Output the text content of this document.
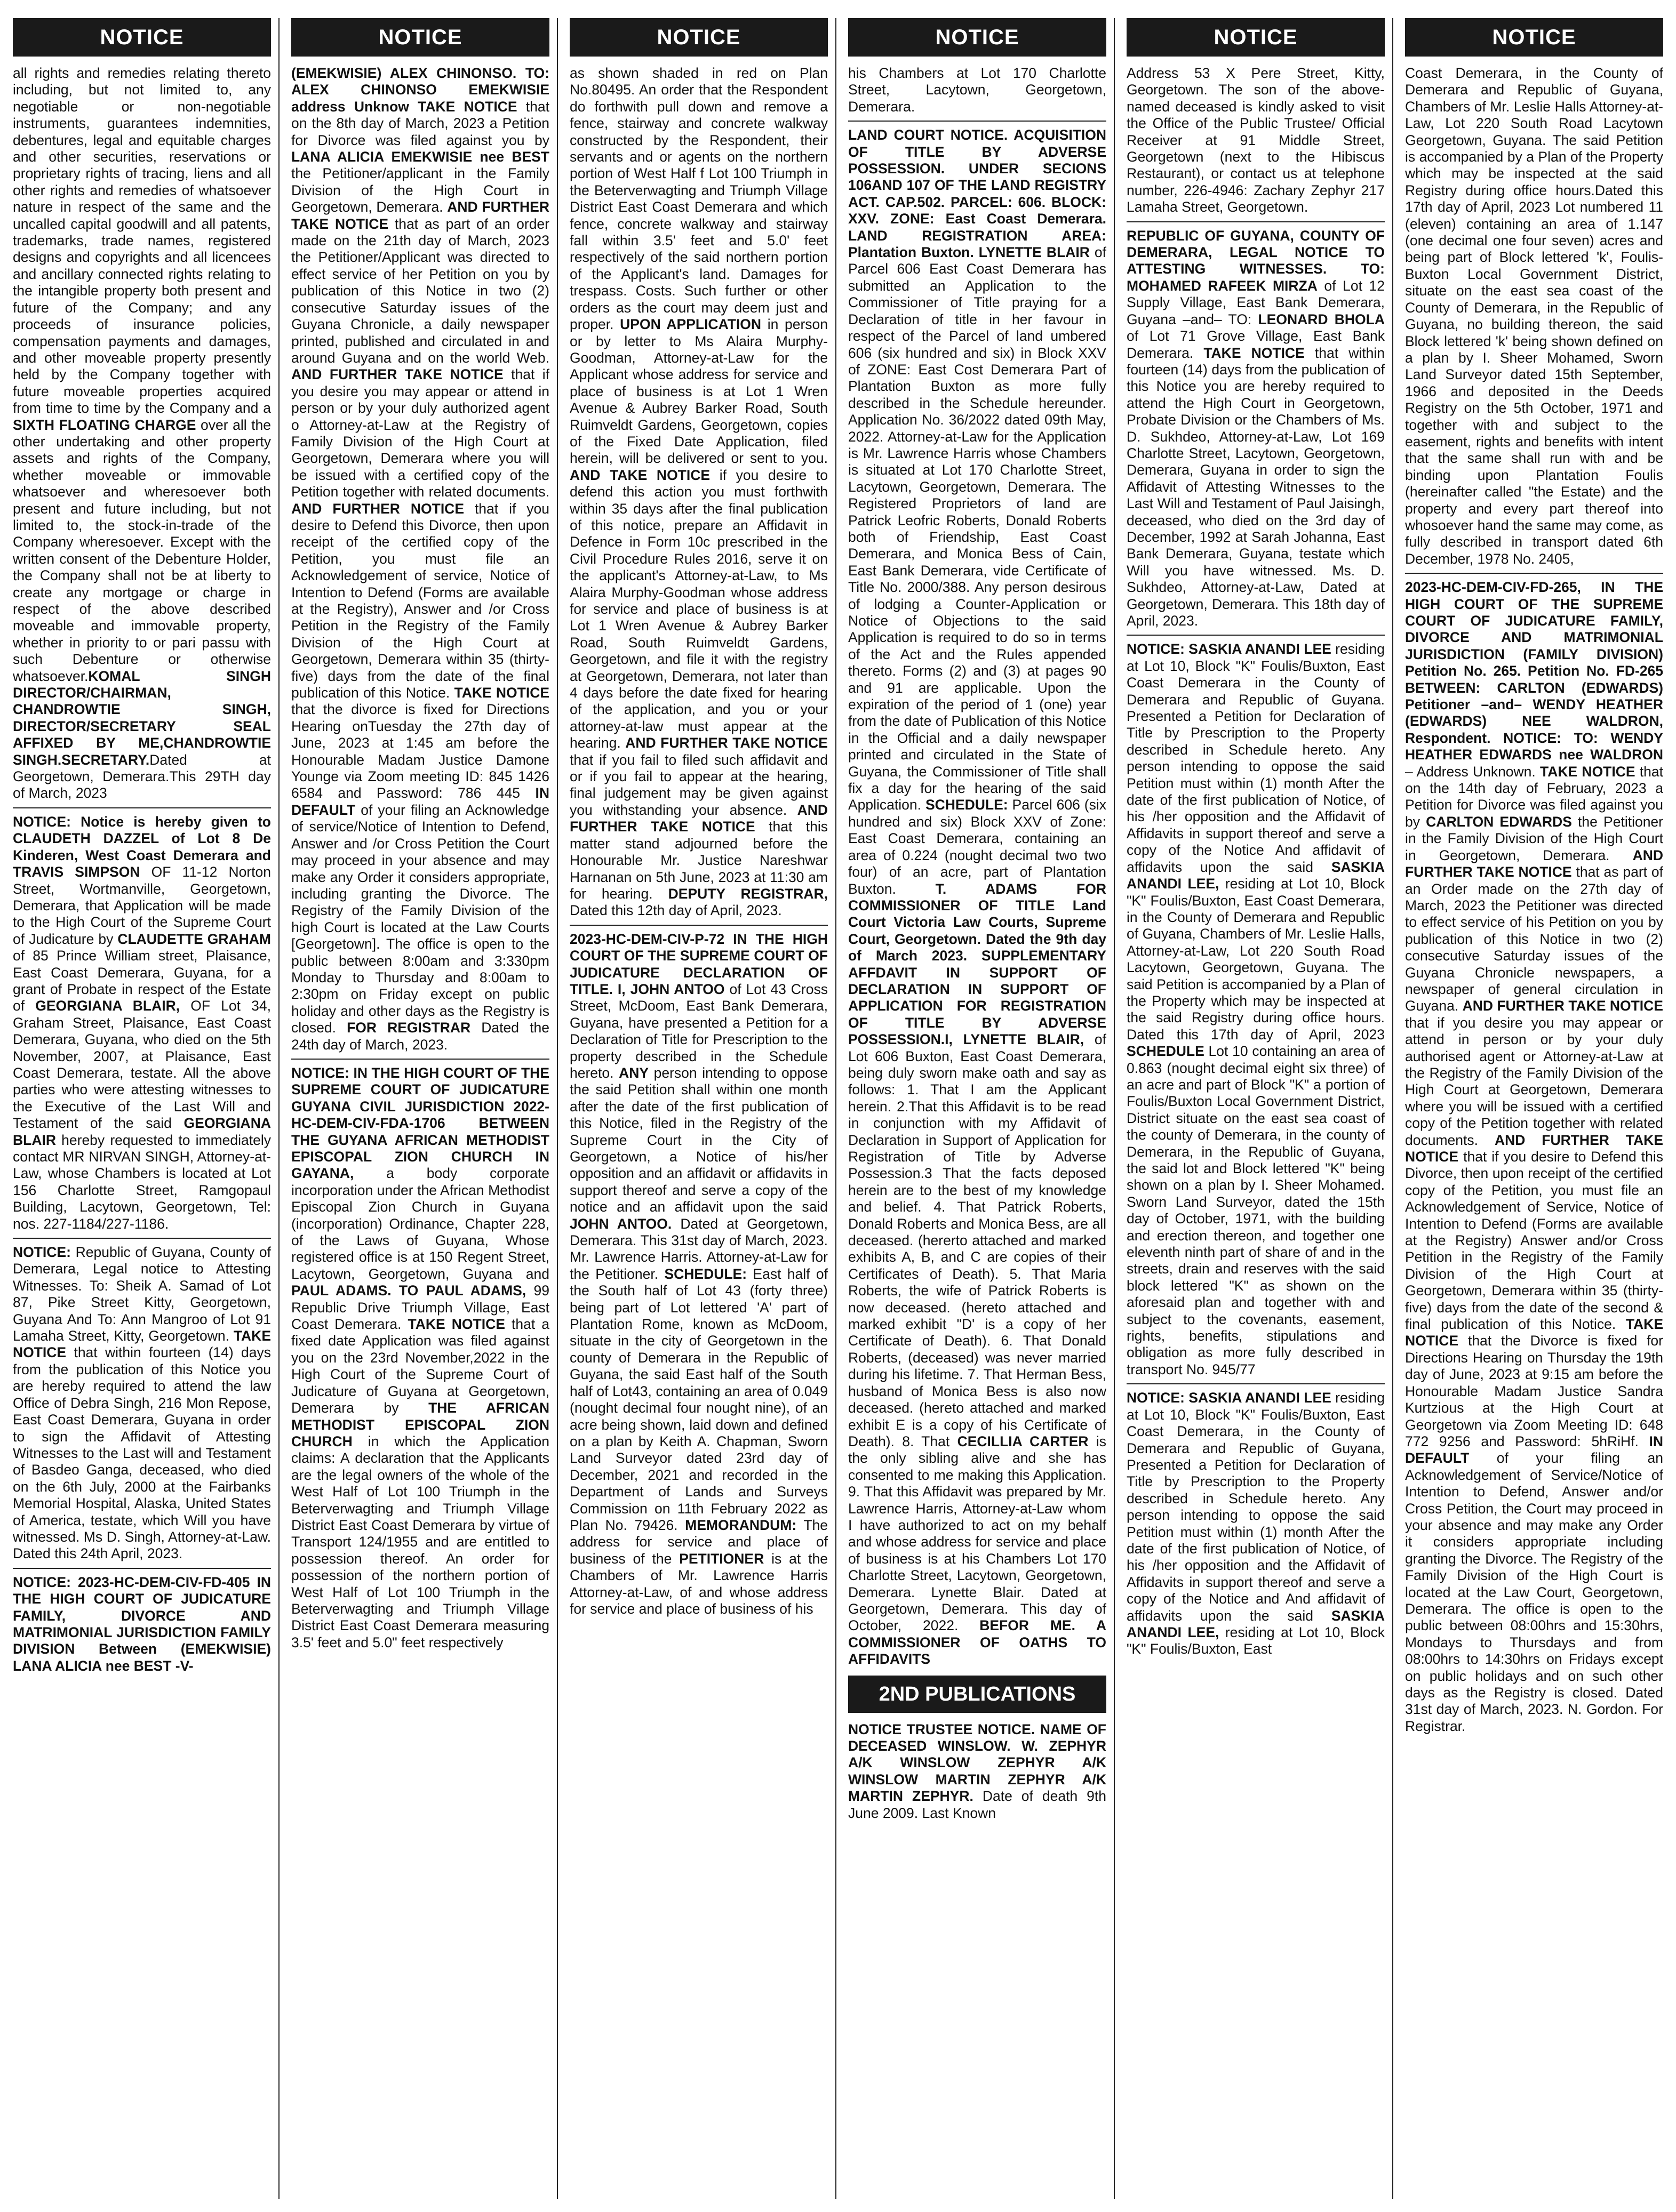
NOTICE

all rights and remedies relating thereto including, but not limited to, any negotiable or non-negotiable instruments, guarantees indemnities, debentures, legal and equitable charges and other securities, reservations or proprietary rights of tracing, liens and all other rights and remedies of whatsoever nature in respect of the same and the uncalled capital goodwill and all patents, trademarks, trade names, registered designs and copyrights and all licencees and ancillary connected rights relating to the intangible property both present and future of the Company; and any proceeds of insurance policies, compensation payments and damages, and other moveable property presently held by the Company together with future moveable properties acquired from time to time by the Company and a SIXTH FLOATING CHARGE over all the other undertaking and other property assets and rights of the Company, whether moveable or immovable whatsoever and wheresoever both present and future including, but not limited to, the stock-in-trade of the Company wheresoever. Except with the written consent of the Debenture Holder, the Company shall not be at liberty to create any mortgage or charge in respect of the above described moveable and immovable property, whether in priority to or pari passu with such Debenture or otherwise whatsoever.KOMAL SINGH DIRECTOR/CHAIRMAN, CHANDROWTIE SINGH, DIRECTOR/SECRETARY SEAL AFFIXED BY ME,CHANDROWTIE SINGH.SECRETARY.Dated at Georgetown, Demerara.This 29TH day of March, 2023

NOTICE: Notice is hereby given to CLAUDETH DAZZEL of Lot 8 De Kinderen, West Coast Demerara and TRAVIS SIMPSON OF 11-12 Norton Street, Wortmanville, Georgetown, Demerara, that Application will be made to the High Court of the Supreme Court of Judicature by CLAUDETTE GRAHAM of 85 Prince William street, Plaisance, East Coast Demerara, Guyana, for a grant of Probate in respect of the Estate of GEORGIANA BLAIR, OF Lot 34, Graham Street, Plaisance, East Coast Demerara, Guyana, who died on the 5th November, 2007, at Plaisance, East Coast Demerara, testate. All the above parties who were attesting witnesses to the Executive of the Last Will and Testament of the said GEORGIANA BLAIR hereby requested to immediately contact MR NIRVAN SINGH, Attorney-at-Law, whose Chambers is located at Lot 156 Charlotte Street, Ramgopaul Building, Lacytown, Georgetown, Tel: nos. 227-1184/227-1186.

NOTICE: Republic of Guyana, County of Demerara, Legal notice to Attesting Witnesses. To: Sheik A. Samad of Lot 87, Pike Street Kitty, Georgetown, Guyana And To: Ann Mangroo of Lot 91 Lamaha Street, Kitty, Georgetown. TAKE NOTICE that within fourteen (14) days from the publication of this Notice you are hereby required to attend the law Office of Debra Singh, 216 Mon Repose, East Coast Demerara, Guyana in order to sign the Affidavit of Attesting Witnesses to the Last will and Testament of Basdeo Ganga, deceased, who died on the 6th July, 2000 at the Fairbanks Memorial Hospital, Alaska, United States of America, testate, which Will you have witnessed. Ms D. Singh, Attorney-at-Law. Dated this 24th April, 2023.

NOTICE: 2023-HC-DEM-CIV-FD-405 IN THE HIGH COURT OF JUDICATURE FAMILY, DIVORCE AND MATRIMONIAL JURISDICTION FAMILY DIVISION Between (EMEKWISIE) LANA ALICIA nee BEST -V-

NOTICE

(EMEKWISIE) ALEX CHINONSO. TO: ALEX CHINONSO EMEKWISIE address Unknow TAKE NOTICE that on the 8th day of March, 2023 a Petition for Divorce was filed against you by LANA ALICIA EMEKWISIE nee BEST the Petitioner/applicant in the Family Division of the High Court in Georgetown, Demerara. AND FURTHER TAKE NOTICE that as part of an order made on the 21th day of March, 2023 the Petitioner/Applicant was directed to effect service of her Petition on you by publication of this Notice in two (2) consecutive Saturday issues of the Guyana Chronicle, a daily newspaper printed, published and circulated in and around Guyana and on the world Web. AND FURTHER TAKE NOTICE that if you desire you may appear or attend in person or by your duly authorized agent o Attorney-at-Law at the Registry of Family Division of the High Court at Georgetown, Demerara where you will be issued with a certified copy of the Petition together with related documents. AND FURTHER NOTICE that if you desire to Defend this Divorce, then upon receipt of the certified copy of the Petition, you must file an Acknowledgement of service, Notice of Intention to Defend (Forms are available at the Registry), Answer and /or Cross Petition in the Registry of the Family Division of the High Court at Georgetown, Demerara within 35 (thirty-five) days from the date of the final publication of this Notice. TAKE NOTICE that the divorce is fixed for Directions Hearing onTuesday the 27th day of June, 2023 at 1:45 am before the Honourable Madam Justice Damone Younge via Zoom meeting ID: 845 1426 6584 and Password: 786 445 IN DEFAULT of your filing an Acknowledge of service/Notice of Intention to Defend, Answer and /or Cross Petition the Court may proceed in your absence and may make any Order it considers appropriate, including granting the Divorce. The Registry of the Family Division of the high Court is located at the Law Courts [Georgetown]. The office is open to the public between 8:00am and 3:330pm Monday to Thursday and 8:00am to 2:30pm on Friday except on public holiday and other days as the Registry is closed. FOR REGISTRAR Dated the 24th day of March, 2023.

NOTICE: IN THE HIGH COURT OF THE SUPREME COURT OF JUDICATURE GUYANA CIVIL JURISDICTION 2022-HC-DEM-CIV-FDA-1706 BETWEEN THE GUYANA AFRICAN METHODIST EPISCOPAL ZION CHURCH IN GAYANA, a body corporate incorporation under the African Methodist Episcopal Zion Church in Guyana (incorporation) Ordinance, Chapter 228, of the Laws of Guyana, Whose registered office is at 150 Regent Street, Lacytown, Georgetown, Guyana and PAUL ADAMS. TO PAUL ADAMS, 99 Republic Drive Triumph Village, East Coast Demerara. TAKE NOTICE that a fixed date Application was filed against you on the 23rd November,2022 in the High Court of the Supreme Court of Judicature of Guyana at Georgetown, Demerara by THE AFRICAN METHODIST EPISCOPAL ZION CHURCH in which the Application claims: A declaration that the Applicants are the legal owners of the whole of the West Half of Lot 100 Triumph in the Beterverwagting and Triumph Village District East Coast Demerara by virtue of Transport 124/1955 and are entitled to possession thereof. An order for possession of the northern portion of West Half of Lot 100 Triumph in the Beterverwagting and Triumph Village District East Coast Demerara measuring 3.5' feet and 5.0" feet respectively

NOTICE

as shown shaded in red on Plan No.80495. An order that the Respondent do forthwith pull down and remove a fence, stairway and concrete walkway constructed by the Respondent, their servants and or agents on the northern portion of West Half f Lot 100 Triumph in the Beterverwagting and Triumph Village District East Coast Demerara and which fence, concrete walkway and stairway fall within 3.5' feet and 5.0' feet respectively of the said northern portion of the Applicant's land. Damages for trespass. Costs. Such further or other orders as the court may deem just and proper. UPON APPLICATION in person or by letter to Ms Alaira Murphy-Goodman, Attorney-at-Law for the Applicant whose address for service and place of business is at Lot 1 Wren Avenue & Aubrey Barker Road, South Ruimveldt Gardens, Georgetown, copies of the Fixed Date Application, filed herein, will be delivered or sent to you. AND TAKE NOTICE if you desire to defend this action you must forthwith within 35 days after the final publication of this notice, prepare an Affidavit in Defence in Form 10c prescribed in the Civil Procedure Rules 2016, serve it on the applicant's Attorney-at-Law, to Ms Alaira Murphy-Goodman whose address for service and place of business is at Lot 1 Wren Avenue & Aubrey Barker Road, South Ruimveldt Gardens, Georgetown, and file it with the registry at Georgetown, Demerara, not later than 4 days before the date fixed for hearing of the application, and you or your attorney-at-law must appear at the hearing. AND FURTHER TAKE NOTICE that if you fail to filed such affidavit and or if you fail to appear at the hearing, final judgement may be given against you withstanding your absence. AND FURTHER TAKE NOTICE that this matter stand adjourned before the Honourable Mr. Justice Nareshwar Harnanan on 5th June, 2023 at 11:30 am for hearing. DEPUTY REGISTRAR, Dated this 12th day of April, 2023.

2023-HC-DEM-CIV-P-72 IN THE HIGH COURT OF THE SUPREME COURT OF JUDICATURE DECLARATION OF TITLE. I, JOHN ANTOO of Lot 43 Cross Street, McDoom, East Bank Demerara, Guyana, have presented a Petition for a Declaration of Title for Prescription to the property described in the Schedule hereto. ANY person intending to oppose the said Petition shall within one month after the date of the first publication of this Notice, filed in the Registry of the Supreme Court in the City of Georgetown, a Notice of his/her opposition and an affidavit or affidavits in support thereof and serve a copy of the notice and an affidavit upon the said JOHN ANTOO. Dated at Georgetown, Demerara. This 31st day of March, 2023. Mr. Lawrence Harris. Attorney-at-Law for the Petitioner. SCHEDULE: East half of the South half of Lot 43 (forty three) being part of Lot lettered 'A' part of Plantation Rome, known as McDoom, situate in the city of Georgetown in the county of Demerara in the Republic of Guyana, the said East half of the South half of Lot43, containing an area of 0.049 (nought decimal four nought nine), of an acre being shown, laid down and defined on a plan by Keith A. Chapman, Sworn Land Surveyor dated 23rd day of December, 2021 and recorded in the Department of Lands and Surveys Commission on 11th February 2022 as Plan No. 79426. MEMORANDUM: The address for service and place of business of the PETITIONER is at the Chambers of Mr. Lawrence Harris Attorney-at-Law, of and whose address for service and place of business of his

NOTICE

his Chambers at Lot 170 Charlotte Street, Lacytown, Georgetown, Demerara.

LAND COURT NOTICE. ACQUISITION OF TITLE BY ADVERSE POSSESSION. UNDER SECIONS 106AND 107 OF THE LAND REGISTRY ACT. CAP.502. PARCEL: 606. BLOCK: XXV. ZONE: East Coast Demerara. LAND REGISTRATION AREA: Plantation Buxton. LYNETTE BLAIR of Parcel 606 East Coast Demerara has submitted an Application to the Commissioner of Title praying for a Declaration of title in her favour in respect of the Parcel of land umbered 606 (six hundred and six) in Block XXV of ZONE: East Cost Demerara Part of Plantation Buxton as more fully described in the Schedule hereunder. Application No. 36/2022 dated 09th May, 2022. Attorney-at-Law for the Application is Mr. Lawrence Harris whose Chambers is situated at Lot 170 Charlotte Street, Lacytown, Georgetown, Demerara. The Registered Proprietors of land are Patrick Leofric Roberts, Donald Roberts both of Friendship, East Coast Demerara, and Monica Bess of Cain, East Bank Demerara, vide Certificate of Title No. 2000/388. Any person desirous of lodging a Counter-Application or Notice of Objections to the said Application is required to do so in terms of the Act and the Rules appended thereto. Forms (2) and (3) at pages 90 and 91 are applicable. Upon the expiration of the period of 1 (one) year from the date of Publication of this Notice in the Official and a daily newspaper printed and circulated in the State of Guyana, the Commissioner of Title shall fix a day for the hearing of the said Application. SCHEDULE: Parcel 606 (six hundred and six) Block XXV of Zone: East Coast Demerara, containing an area of 0.224 (nought decimal two two four) of an acre, part of Plantation Buxton.	T. ADAMS FOR COMMISSIONER OF TITLE Land Court Victoria Law Courts, Supreme Court, Georgetown. Dated the 9th day of March 2023. SUPPLEMENTARY AFFDAVIT IN SUPPORT OF DECLARATION IN SUPPORT OF APPLICATION FOR REGISTRATION OF TITLE BY ADVERSE POSSESSION.I, LYNETTE BLAIR, of Lot 606 Buxton, East Coast Demerara, being duly sworn make oath and say as follows: 1. That I am the Applicant herein. 2.That this Affidavit is to be read in conjunction with my Affidavit of Declaration in Support of Application for Registration of Title by Adverse Possession.3 That the facts deposed herein are to the best of my knowledge and belief. 4. That Patrick Roberts, Donald Roberts and Monica Bess, are all deceased. (hererto attached and marked exhibits A, B, and C are copies of their Certificates of Death). 5. That Maria Roberts, the wife of Patrick Roberts is now deceased. (hereto attached and marked exhibit "D' is a copy of her Certificate of Death). 6. That Donald Roberts, (deceased) was never married during his lifetime. 7. That Herman Bess, husband of Monica Bess is also now deceased. (hereto attached and marked exhibit E is a copy of his Certificate of Death). 8. That CECILLIA CARTER is the only sibling alive and she has consented to me making this Application. 9. That this Affidavit was prepared by Mr. Lawrence Harris, Attorney-at-Law whom I have authorized to act on my behalf and whose address for service and place of business is at his Chambers Lot 170 Charlotte Street, Lacytown, Georgetown, Demerara. Lynette Blair. Dated at Georgetown, Demerara. This day of October, 2022. BEFOR ME. A COMMISSIONER OF OATHS TO AFFIDAVITS

2ND PUBLICATIONS

NOTICE TRUSTEE NOTICE. NAME OF DECEASED WINSLOW. W. ZEPHYR A/K WINSLOW ZEPHYR A/K WINSLOW MARTIN ZEPHYR A/K MARTIN ZEPHYR. Date of death 9th June 2009. Last Known

NOTICE

Address 53 X Pere Street, Kitty, Georgetown. The son of the above-named deceased is kindly asked to visit the Office of the Public Trustee/ Official Receiver at 91 Middle Street, Georgetown (next to the Hibiscus Restaurant), or contact us at telephone number, 226-4946: Zachary Zephyr 217 Lamaha Street, Georgetown.

REPUBLIC OF GUYANA, COUNTY OF DEMERARA, LEGAL NOTICE TO ATTESTING WITNESSES. TO: MOHAMED RAFEEK MIRZA of Lot 12 Supply Village, East Bank Demerara, Guyana –and– TO: LEONARD BHOLA of Lot 71 Grove Village, East Bank Demerara. TAKE NOTICE that within fourteen (14) days from the publication of this Notice you are hereby required to attend the High Court in Georgetown, Probate Division or the Chambers of Ms. D. Sukhdeo, Attorney-at-Law, Lot 169 Charlotte Street, Lacytown, Georgetown, Demerara, Guyana in order to sign the Affidavit of Attesting Witnesses to the Last Will and Testament of Paul Jaisingh, deceased, who died on the 3rd day of December, 1992 at Sarah Johanna, East Bank Demerara, Guyana, testate which Will you have witnessed. Ms. D. Sukhdeo, Attorney-at-Law, Dated at Georgetown, Demerara. This 18th day of April, 2023.

NOTICE: SASKIA ANANDI LEE residing at Lot 10, Block "K" Foulis/Buxton, East Coast Demerara in the County of Demerara and Republic of Guyana. Presented a Petition for Declaration of Title by Prescription to the Property described in Schedule hereto. Any person intending to oppose the said Petition must within (1) month After the date of the first publication of Notice, of his /her opposition and the Affidavit of Affidavits in support thereof and serve a copy of the Notice And affidavit of affidavits upon the said SASKIA ANANDI LEE, residing at Lot 10, Block "K" Foulis/Buxton, East Coast Demerara, in the County of Demerara and Republic of Guyana, Chambers of Mr. Leslie Halls, Attorney-at-Law, Lot 220 South Road Lacytown, Georgetown, Guyana. The said Petition is accompanied by a Plan of the Property which may be inspected at the said Registry during office hours. Dated this 17th day of April, 2023 SCHEDULE Lot 10 containing an area of 0.863 (nought decimal eight six three) of an acre and part of Block "K" a portion of Foulis/Buxton Local Government District, District situate on the east sea coast of the county of Demerara, in the county of Demerara, in the Republic of Guyana, the said lot and Block lettered "K" being shown on a plan by I. Sheer Mohamed. Sworn Land Surveyor, dated the 15th day of October, 1971, with the building and erection thereon, and together one eleventh ninth part of share of and in the streets, drain and reserves with the said block lettered "K" as shown on the aforesaid plan and together with and subject to the covenants, easement, rights, benefits, stipulations and obligation as more fully described in transport No. 945/77

NOTICE: SASKIA ANANDI LEE residing at Lot 10, Block "K" Foulis/Buxton, East Coast Demerara, in the County of Demerara and Republic of Guyana, Presented a Petition for Declaration of Title by Prescription to the Property described in Schedule hereto. Any person intending to oppose the said Petition must within (1) month After the date of the first publication of Notice, of his /her opposition and the Affidavit of Affidavits in support thereof and serve a copy of the Notice and And affidavit of affidavits upon the said SASKIA ANANDI LEE, residing at Lot 10, Block "K" Foulis/Buxton, East

NOTICE

Coast Demerara, in the County of Demerara and Republic of Guyana, Chambers of Mr. Leslie Halls Attorney-at-Law, Lot 220 South Road Lacytown Georgetown, Guyana. The said Petition is accompanied by a Plan of the Property which may be inspected at the said Registry during office hours.Dated this 17th day of April, 2023 Lot numbered 11 (eleven) containing an area of 1.147 (one decimal one four seven) acres and being part of Block lettered 'k', Foulis-Buxton Local Government District, situate on the east sea coast of the County of Demerara, in the Republic of Guyana, no building thereon, the said Block lettered 'k' being shown defined on a plan by I. Sheer Mohamed, Sworn Land Surveyor dated 15th September, 1966 and deposited in the Deeds Registry on the 5th October, 1971 and together with and subject to the easement, rights and benefits with intent that the same shall run with and be binding upon Plantation Foulis (hereinafter called "the Estate) and the property and every part thereof into whosoever hand the same may come, as fully described in transport dated 6th December, 1978 No. 2405,

2023-HC-DEM-CIV-FD-265, IN THE HIGH COURT OF THE SUPREME COURT OF JUDICATURE FAMILY, DIVORCE AND MATRIMONIAL JURISDICTION (FAMILY DIVISION) Petition No. 265. Petition No. FD-265 BETWEEN: CARLTON (EDWARDS) Petitioner –and– WENDY HEATHER (EDWARDS) NEE WALDRON, Respondent. NOTICE: TO: WENDY HEATHER EDWARDS nee WALDRON – Address Unknown. TAKE NOTICE that on the 14th day of February, 2023 a Petition for Divorce was filed against you by CARLTON EDWARDS the Petitioner in the Family Division of the High Court in Georgetown, Demerara. AND FURTHER TAKE NOTICE that as part of an Order made on the 27th day of March, 2023 the Petitioner was directed to effect service of his Petition on you by publication of this Notice in two (2) consecutive Saturday issues of the Guyana Chronicle newspapers, a newspaper of general circulation in Guyana. AND FURTHER TAKE NOTICE that if you desire you may appear or attend in person or by your duly authorised agent or Attorney-at-Law at the Registry of the Family Division of the High Court at Georgetown, Demerara where you will be issued with a certified copy of the Petition together with related documents. AND FURTHER TAKE NOTICE that if you desire to Defend this Divorce, then upon receipt of the certified copy of the Petition, you must file an Acknowledgement of Service, Notice of Intention to Defend (Forms are available at the Registry) Answer and/or Cross Petition in the Registry of the Family Division of the High Court at Georgetown, Demerara within 35 (thirty-five) days from the date of the second & final publication of this Notice. TAKE NOTICE that the Divorce is fixed for Directions Hearing on Thursday the 19th day of June, 2023 at 9:15 am before the Honourable Madam Justice Sandra Kurtzious at the High Court at Georgetown via Zoom Meeting ID: 648 772 9256 and Password: 5hRiHf. IN DEFAULT of your filing an Acknowledgement of Service/Notice of Intention to Defend, Answer and/or Cross Petition, the Court may proceed in your absence and may make any Order it considers appropriate including granting the Divorce. The Registry of the Family Division of the High Court is located at the Law Court, Georgetown, Demerara. The office is open to the public between 08:00hrs and 15:30hrs, Mondays to Thursdays and from 08:00hrs to 14:30hrs on Fridays except on public holidays and on such other days as the Registry is closed. Dated 31st day of March, 2023. N. Gordon. For Registrar.
